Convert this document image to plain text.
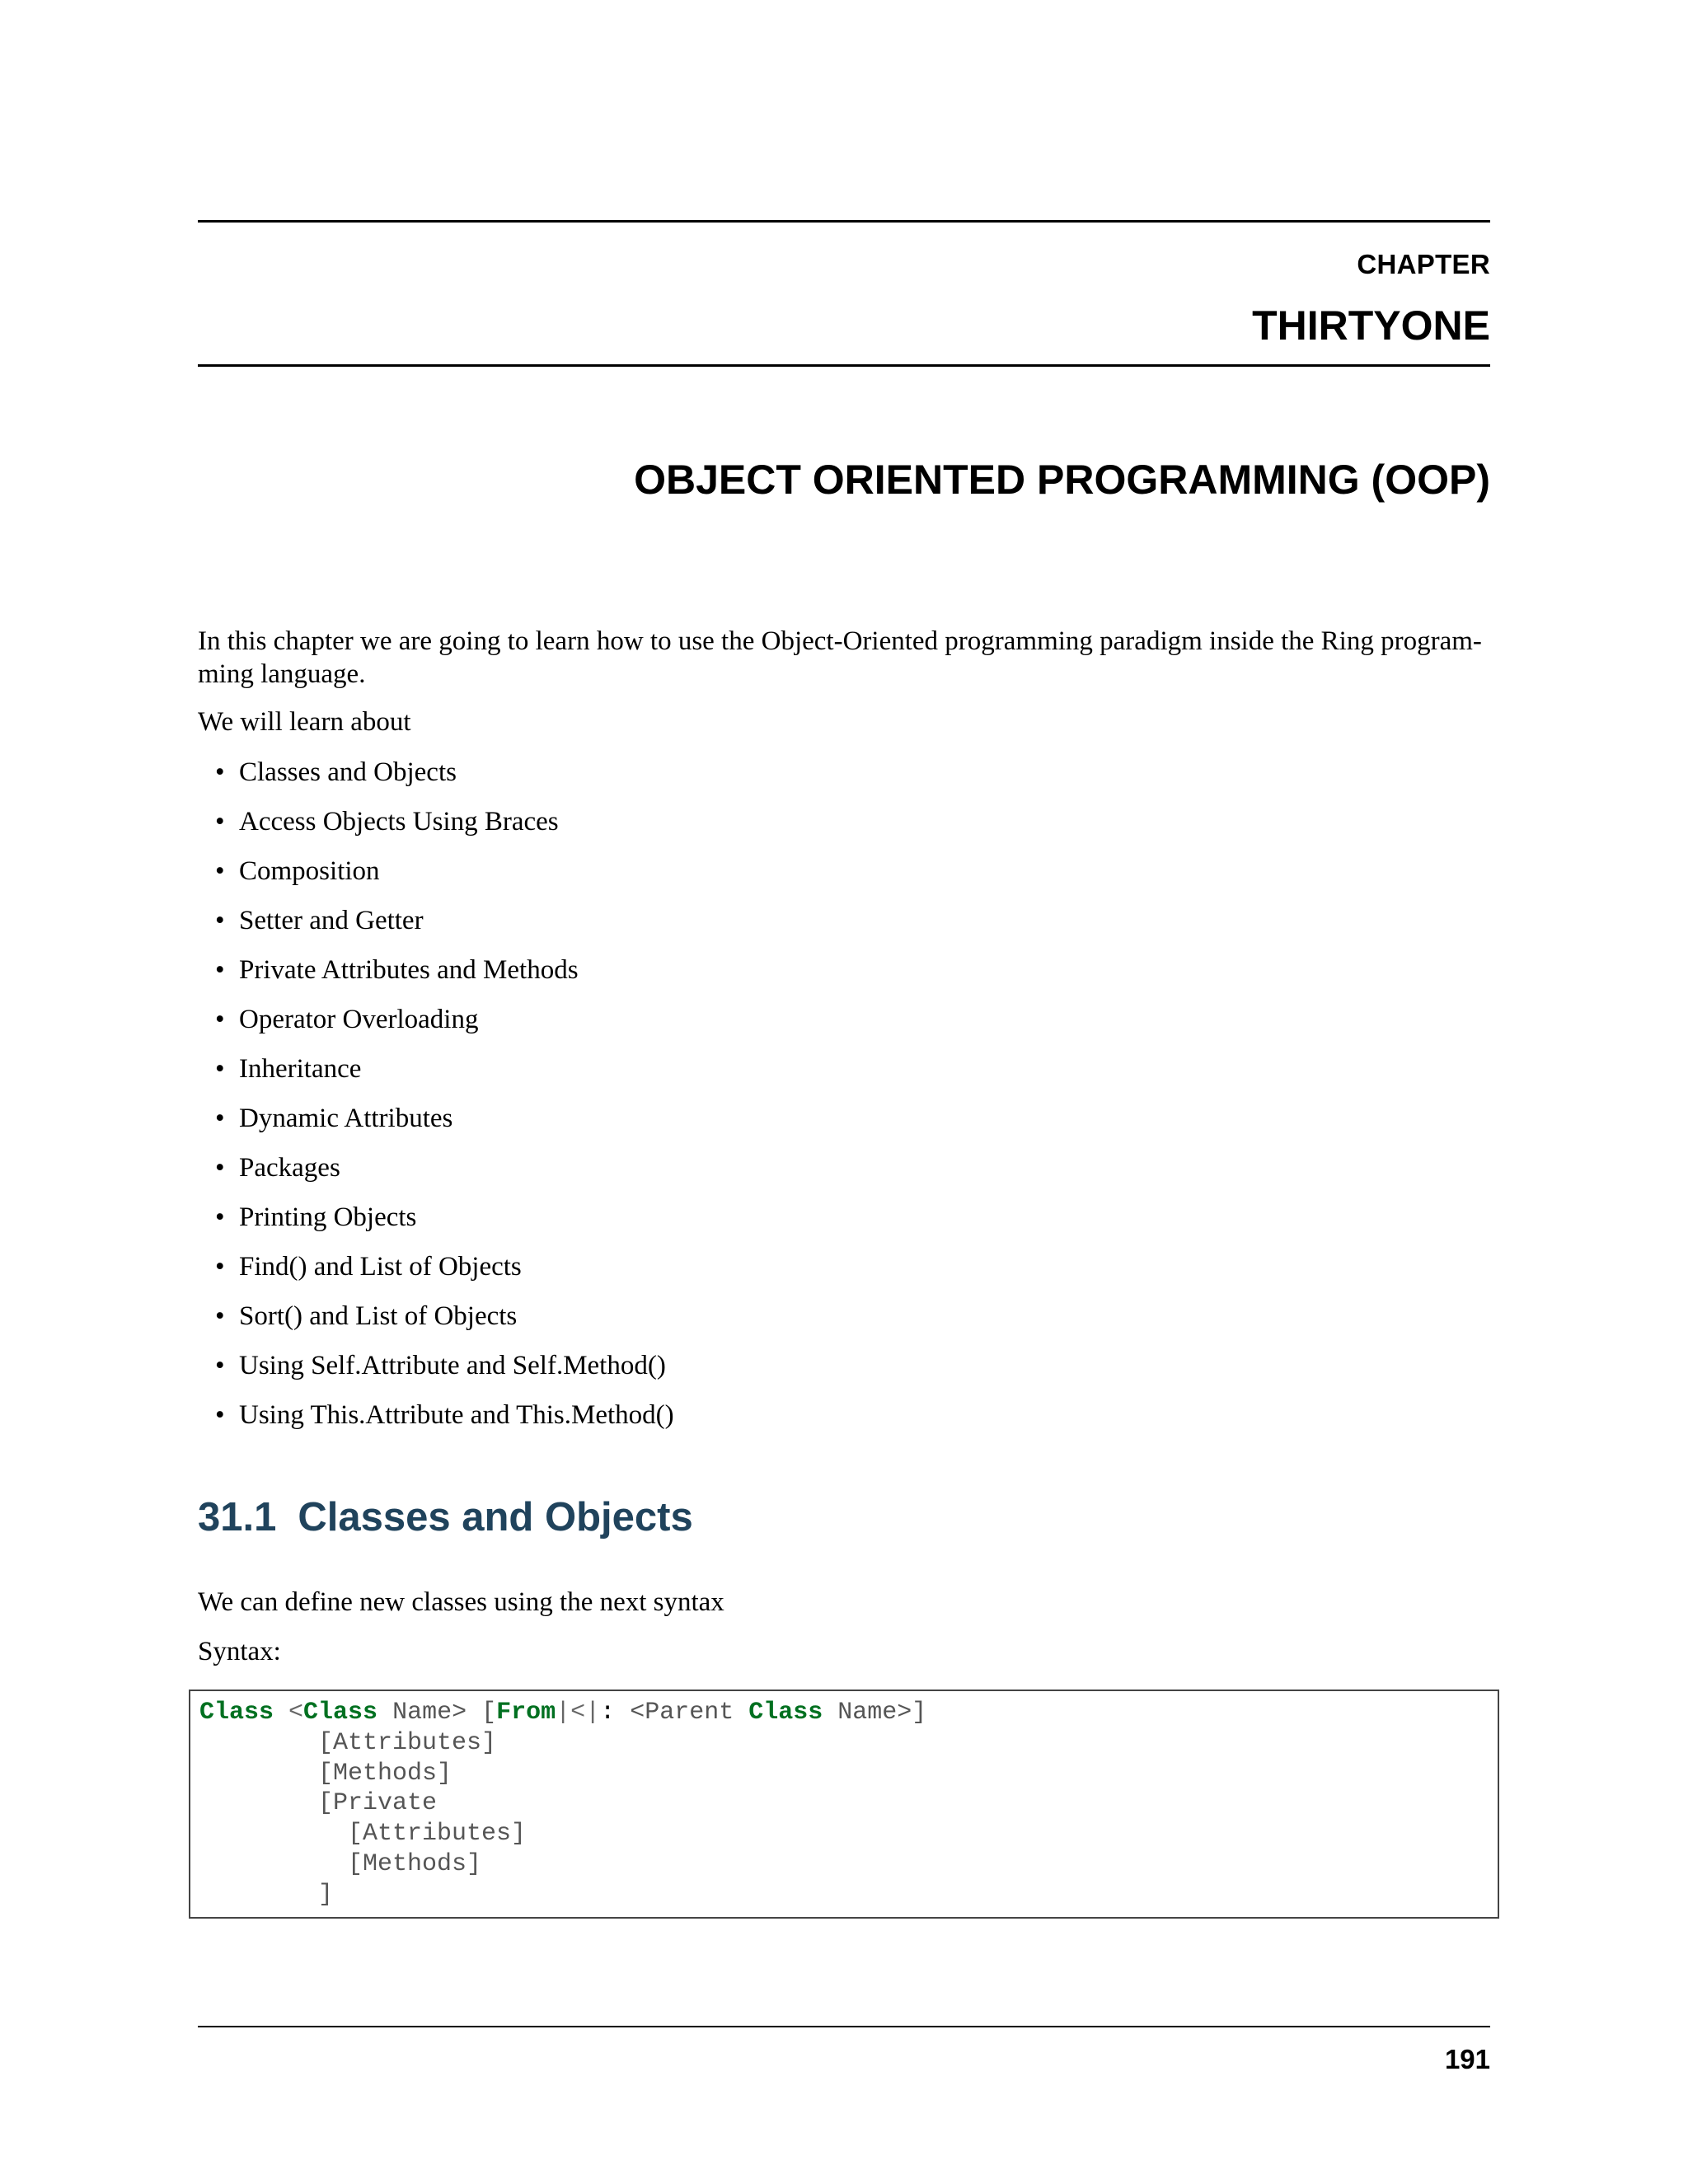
CHAPTER
THIRTYONE
OBJECT ORIENTED PROGRAMMING (OOP)
In this chapter we are going to learn how to use the Object-Oriented programming paradigm inside the Ring program-
ming language.
We will learn about
• Classes and Objects
• Access Objects Using Braces
• Composition
• Setter and Getter
• Private Attributes and Methods
• Operator Overloading
• Inheritance
• Dynamic Attributes
• Packages
• Printing Objects
• Find() and List of Objects
• Sort() and List of Objects
• Using Self.Attribute and Self.Method()
• Using This.Attribute and This.Method()
31.1 Classes and Objects
We can define new classes using the next syntax
Syntax:
Class <Class Name> [From|<|: <Parent Class Name>]
[Attributes]
[Methods]
[Private
[Attributes]
[Methods]
]
191
